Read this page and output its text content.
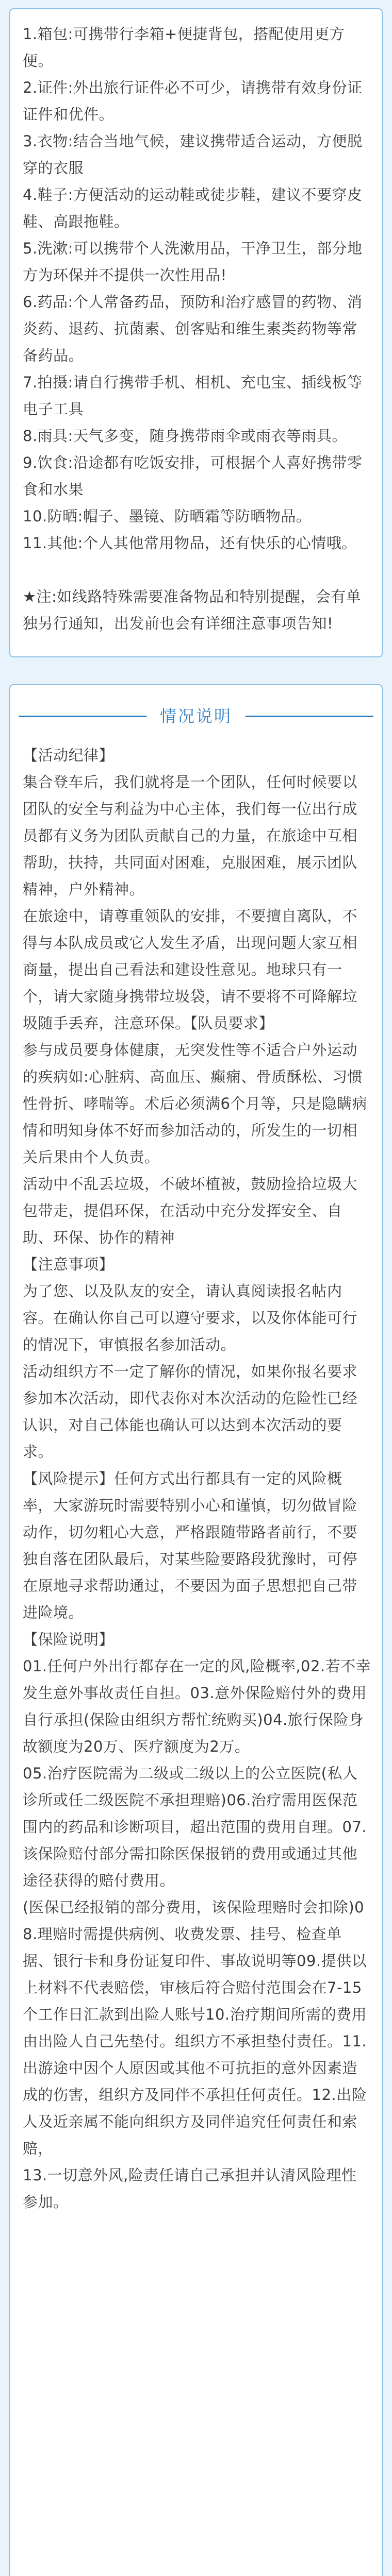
1.箱包:可携带行李箱+便捷背包，搭配使用更方便。

2.证件:外出旅行证件必不可少，请携带有效身份证证件和优件。

3.衣物:结合当地气候，建议携带适合运动，方便脱穿的衣服

4.鞋子:方便活动的运动鞋或徒步鞋，建议不要穿皮鞋、高跟拖鞋。

5.洗漱:可以携带个人洗漱用品，干净卫生，部分地方为环保并不提供一次性用品!

6.药品:个人常备药品，预防和治疗感冒的药物、消炎药、退药、抗菌素、创客贴和维生素类药物等常备药品。

7.拍摄:请自行携带手机、相机、充电宝、插线板等电子工具

8.雨具:天气多变，随身携带雨伞或雨衣等雨具。

9.饮食:沿途都有吃饭安排，可根据个人喜好携带零食和水果

10.防晒:帽子、墨镜、防晒霜等防晒物品。

11.其他:个人其他常用物品，还有快乐的心情哦。

★注:如线路特殊需要准备物品和特别提醒，会有单独另行通知，出发前也会有详细注意事项告知!

情况说明

【活动纪律】

集合登车后，我们就将是一个团队，任何时候要以团队的安全与利益为中心主体，我们每一位出行成员都有义务为团队贡献自己的力量，在旅途中互相帮助，扶持，共同面对困难，克服困难，展示团队精神，户外精神。

在旅途中，请尊重领队的安排，不要擅自离队，不得与本队成员或它人发生矛盾，出现问题大家互相商量，提出自己看法和建设性意见。地球只有一个，请大家随身携带垃圾袋，请不要将不可降解垃圾随手丢弃，注意环保。【队员要求】

参与成员要身体健康，无突发性等不适合户外运动的疾病如:心脏病、高血压、癫痫、骨质酥松、习惯性骨折、哮喘等。术后必须满6个月等，只是隐瞒病情和明知身体不好而参加活动的，所发生的一切相关后果由个人负责。

活动中不乱丢垃圾，不破坏植被，鼓励捡拾垃圾大包带走，提倡环保，在活动中充分发挥安全、自助、环保、协作的精神

【注意事项】

为了您、以及队友的安全，请认真阅读报名帖内容。在确认你自己可以遵守要求，以及你体能可行的情况下，审慎报名参加活动。

活动组织方不一定了解你的情况，如果你报名要求参加本次活动，即代表你对本次活动的危险性已经认识，对自己体能也确认可以达到本次活动的要求。

【风险提示】任何方式出行都具有一定的风险概率，大家游玩时需要特别小心和谨慎，切勿做冒险动作，切勿粗心大意，严格跟随带路者前行，不要独自落在团队最后，对某些险要路段犹豫时，可停在原地寻求帮助通过，不要因为面子思想把自己带进险境。

【保险说明】

01.任何户外出行都存在一定的风,险概率,02.若不幸发生意外事故责任自担。03.意外保险赔付外的费用自行承担(保险由组织方帮忙统购买)04.旅行保险身故额度为20万、医疗额度为2万。

05.治疗医院需为二级或二级以上的公立医院(私人诊所或任二级医院不承担理赔)06.治疗需用医保范围内的药品和诊断项目，超出范围的费用自理。07.该保险赔付部分需扣除医保报销的费用或通过其他途径获得的赔付费用。

(医保已经报销的部分费用，该保险理赔时会扣除)08.理赔时需提供病例、收费发票、挂号、检查单据、银行卡和身份证复印件、事故说明等09.提供以上材料不代表赔偿，审核后符合赔付范围会在7-15个工作日汇款到出险人账号10.治疗期间所需的费用由出险人自己先垫付。组织方不承担垫付责任。11.出游途中因个人原因或其他不可抗拒的意外因素造成的伤害，组织方及同伴不承担任何责任。12.出险人及近亲属不能向组织方及同伴追究任何责任和索赔，

13.一切意外风,险责任请自己承担并认清风险理性参加。
